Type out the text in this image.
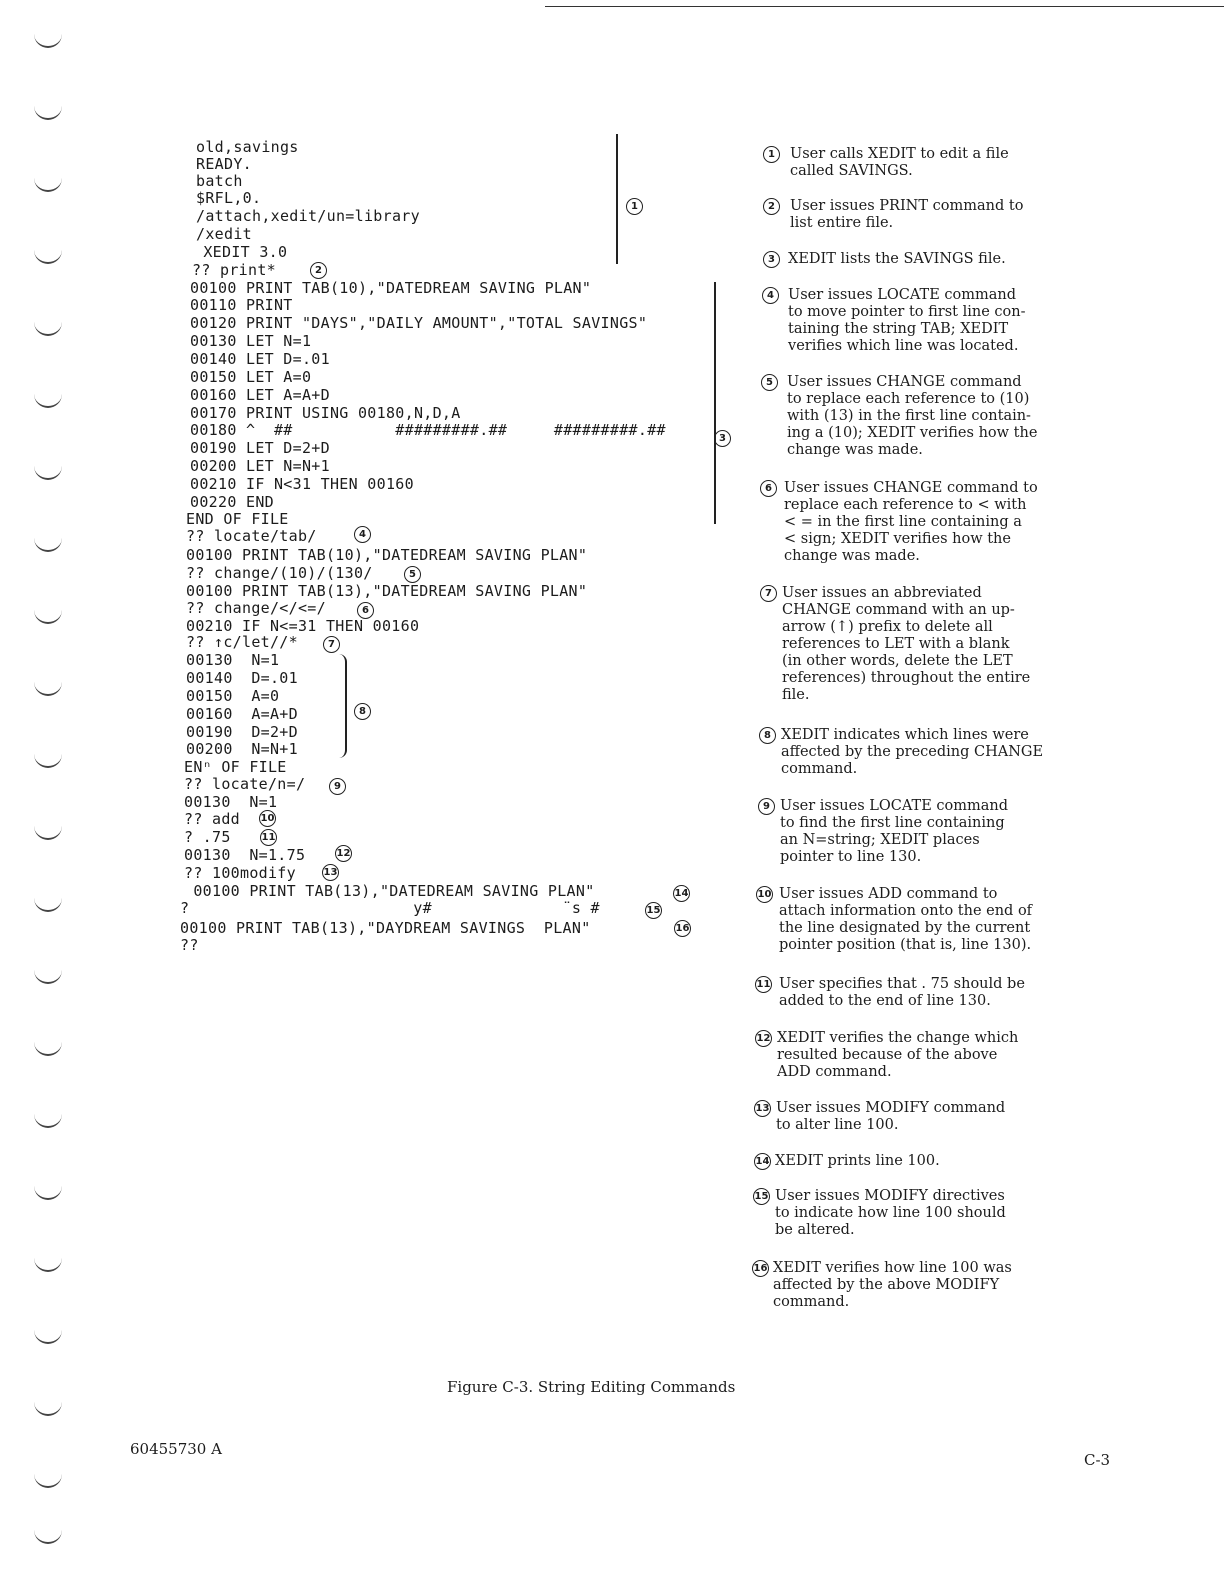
old,savings
READY.
batch
$RFL,0.
/attach,xedit/un=library
/xedit
XEDIT 3.0
?? print*
00100 PRINT TAB(10),"DATEDREAM SAVING PLAN"
00110 PRINT
00120 PRINT "DAYS","DAILY AMOUNT","TOTAL SAVINGS"
00130 LET N=1
00140 LET D=.01
00150 LET A=0
00160 LET A=A+D
00170 PRINT USING 00180,N,D,A
00180 ^  ##           #########.##     #########.##
00190 LET D=2+D
00200 LET N=N+1
00210 IF N<31 THEN 00160
00220 END
END OF FILE
?? locate/tab/
00100 PRINT TAB(10),"DATEDREAM SAVING PLAN"
?? change/(10)/(130/
00100 PRINT TAB(13),"DATEDREAM SAVING PLAN"
?? change/</<=/
00210 IF N<=31 THEN 00160
?? ↑c/let//*
00130  N=1
00140  D=.01
00150  A=0
00160  A=A+D
00190  D=2+D
00200  N=N+1
ENⁿ OF FILE
?? locate/n=/
00130  N=1
?? add
? .75
00130  N=1.75
?? 100modify
00100 PRINT TAB(13),"DATEDREAM SAVING PLAN"
?                        y#              ¨s #
00100 PRINT TAB(13),"DAYDREAM SAVINGS  PLAN"
??
1
2
3
4
5
6
7
8
9
10
11
12
13
14
15
16
1	User calls XEDIT to edit a file
called SAVINGS.
2	User issues PRINT command to
list entire file.
3 XEDIT lists the SAVINGS file.
4 User issues LOCATE command
to move pointer to first line con-
taining the string TAB; XEDIT
verifies which line was located.
5 User issues CHANGE command
to replace each reference to (10)
with (13) in the first line contain-
ing a (10); XEDIT verifies how the
change was made.
6 User issues CHANGE command to
replace each reference to < with
< = in the first line containing a
< sign; XEDIT verifies how the
change was made.
7 User issues an abbreviated
CHANGE command with an up-
arrow (↑) prefix to delete all
references to LET with a blank
(in other words, delete the LET
references) throughout the entire
file.
8 XEDIT indicates which lines were
affected by the preceding CHANGE
command.
9 User issues LOCATE command
to find the first line containing
an N=string; XEDIT places
pointer to line 130.
10 User issues ADD command to
attach information onto the end of
the line designated by the current
pointer position (that is, line 130).
11 User specifies that . 75 should be
added to the end of line 130.
12 XEDIT verifies the change which
resulted because of the above
ADD command.
13 User issues MODIFY command
to alter line 100.
14 XEDIT prints line 100.
15 User issues MODIFY directives
to indicate how line 100 should
be altered.
16 XEDIT verifies how line 100 was
affected by the above MODIFY
command.
Figure C-3. String Editing Commands
60455730 A
C-3
